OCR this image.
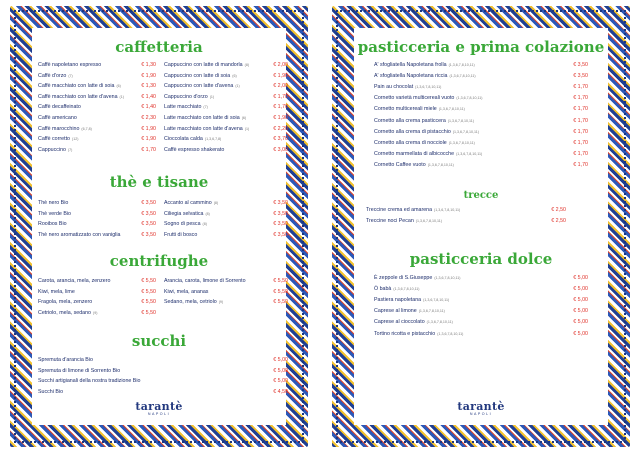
caffetteria
Caffè napoletano espresso	€ 1,30
Caffè d'orzo (7)	€ 1,90
Caffè macchiato con latte di soia (6)	€ 1,30
Caffè macchiato con latte d'avena (1)	€ 1,40
Caffè decaffeinato	€ 1,40
Caffè americano	€ 2,30
Caffè marocchino (6,7,8)	€ 1,90
Caffè corretto (12)	€ 1,90
Cappuccino (7)	€ 1,70
Cappuccino con latte di mandorla (8)	€ 2,00
Cappuccino con latte di soia (6)	€ 1,90
Cappuccino con latte d'avena (1)	€ 2,00
Cappuccino d'orzo (1)	€ 1,70
Latte macchiato (7)	€ 1,70
Latte macchiato con latte di soia (6)	€ 1,90
Latte macchiato con latte d'avena (1)	€ 2,20
Cioccolata calda (1,3,6,7,8)	€ 3,70
Caffè espresso shakerato	€ 3,00
thè e tisane
Thè nero Bio	€ 3,50
Thè verde Bio	€ 3,50
Rooibos Bio	€ 3,50
Thè nero aromatizzato con vaniglia	€ 3,50
Accanto al cammino (8)	€ 3,50
Ciliegia selvatica (8)	€ 3,50
Sogno di pesca (8)	€ 3,50
Frutti di bosco	€ 3,50
centrifughe
Carota, arancia, mela, zenzero	€ 5,50
Kiwi, mela, lime	€ 5,50
Fragola, mela, zenzero	€ 5,50
Cetriolo, mela, sedano (9)	€ 5,50
Arancia, carota, limone di Sorrento	€ 5,50
Kiwi, mela, ananas	€ 5,50
Sedano, mela, cetriolo (9)	€ 5,50
succhi
Spremuta d'arancia Bio	€ 5,00
Spremuta di limone di Sorrento Bio	€ 5,00
Succhi artigianali della nostra tradizione Bio	€ 5,00
Succhi Bio	€ 4,50
tarantè
NAPOLI
pasticceria e prima colazione
A' sfogliatella Napoletana frolla (1,3,6,7,8,10,11)	€ 3,50
A' sfogliatella Napoletana riccia (1,3,6,7,8,10,11)	€ 3,50
Pain au chocolat (1,3,6,7,8,10,11)	€ 1,70
Cornetto varietà multicereali vuoto (1,3,6,7,8,10,11)	€ 1,70
Cornetto multicereali miele (1,3,6,7,8,10,11)	€ 1,70
Cornetto alla crema pasticcera (1,3,6,7,8,10,11)	€ 1,70
Cornetto alla crema di pistacchio (1,3,6,7,8,10,11)	€ 1,70
Cornetto alla crema di nocciole (1,3,6,7,8,10,11)	€ 1,70
Cornetto marmellata di albicocche (1,3,6,7,8,10,11)	€ 1,70
Cornetto Caffee vuoto (1,3,6,7,8,10,11)	€ 1,70
trecce
Treccine crema ed amarena (1,3,6,7,8,10,11)	€ 2,50
Treccine noci Pecan (1,3,6,7,8,10,11)	€ 2,50
pasticceria dolce
È zeppole di S.Giuseppe (1,3,6,7,8,10,11)	€ 5,00
Ò babà (1,3,6,7,8,10,11)	€ 5,00
Pastiera napoletana (1,3,6,7,8,10,11)	€ 5,00
Caprese al limone (1,3,6,7,8,10,11)	€ 5,00
Caprese al cioccolato (1,3,6,7,8,10,11)	€ 5,00
Tortino ricotta e pistacchio (1,3,6,7,8,10,11)	€ 5,00
tarantè
NAPOLI
